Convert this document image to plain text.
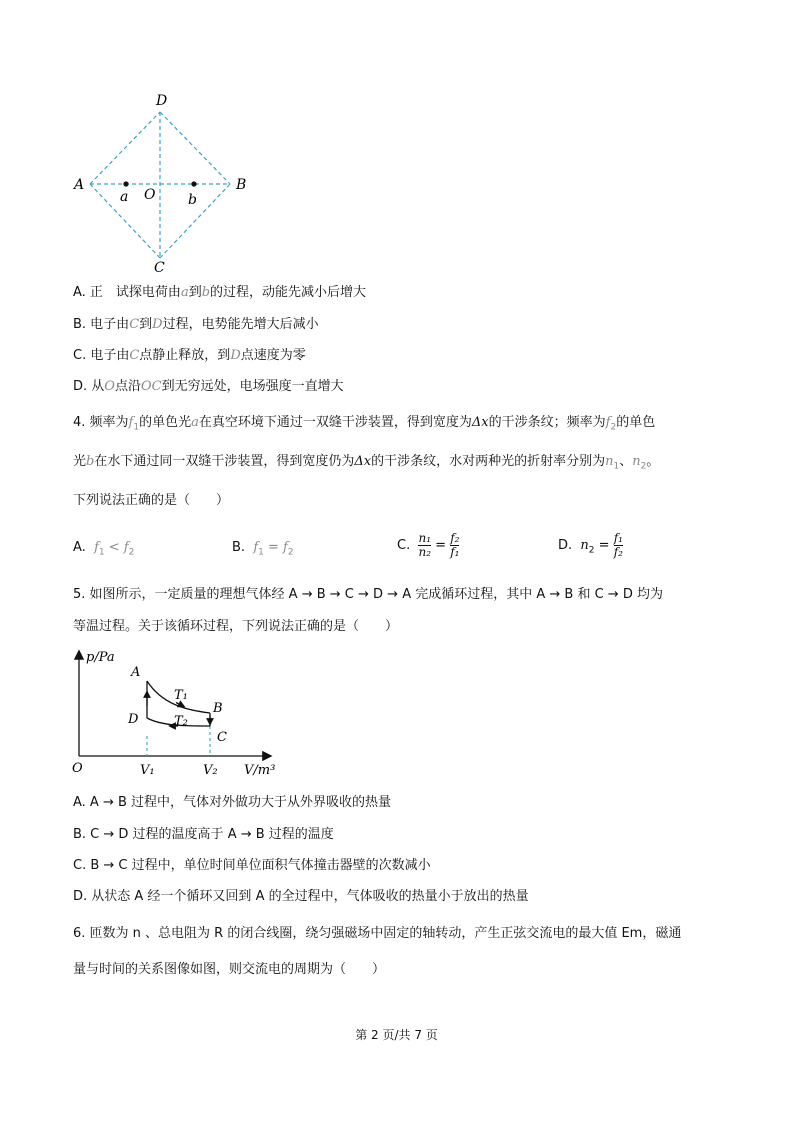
D
A	B
C
O
a	b
A. 正　试探电荷由a到b的过程，动能先减小后增大
B. 电子由C到D过程，电势能先增大后减小
C. 电子由C点静止释放，到D点速度为零
D. 从O点沿OC到无穷远处，电场强度一直增大
4. 频率为$f_1$的单色光a在真空环境下通过一双缝干涉装置，得到宽度为Δx的干涉条纹；频率为$f_2$的单色
光b在水下通过同一双缝干涉装置，得到宽度仍为Δx的干涉条纹，水对两种光的折射率分别为$n_1$、$n_2$。
下列说法正确的是（　　）
A. $f_1 < f_2$	B. $f_1 = f_2$	C. $\frac{\text{n₁}}{\text{n₂}} = \frac{\text{f₂}}{\text{f₁}}$	D. $n_2 = \frac{\text{f₁}}{\text{f₂}}$
5. 如图所示，一定质量的理想气体经 A → B → C → D → A 完成循环过程，其中 A → B 和 C → D 均为
等温过程。关于该循环过程，下列说法正确的是（　　）
p/Pa
V/m³
O
A
B
C
D
T₁
T₂
V₁	V₂
A. A → B 过程中，气体对外做功大于从外界吸收的热量
B. C → D 过程的温度高于 A → B 过程的温度
C. B → C 过程中，单位时间单位面积气体撞击器壁的次数减小
D. 从状态 A 经一个循环又回到 A 的全过程中，气体吸收的热量小于放出的热量
6. 匝数为 n 、总电阻为 R 的闭合线圈，绕匀强磁场中固定的轴转动，产生正弦交流电的最大值 Em，磁通
量与时间的关系图像如图，则交流电的周期为（　　）
第 2 页/共 7 页
